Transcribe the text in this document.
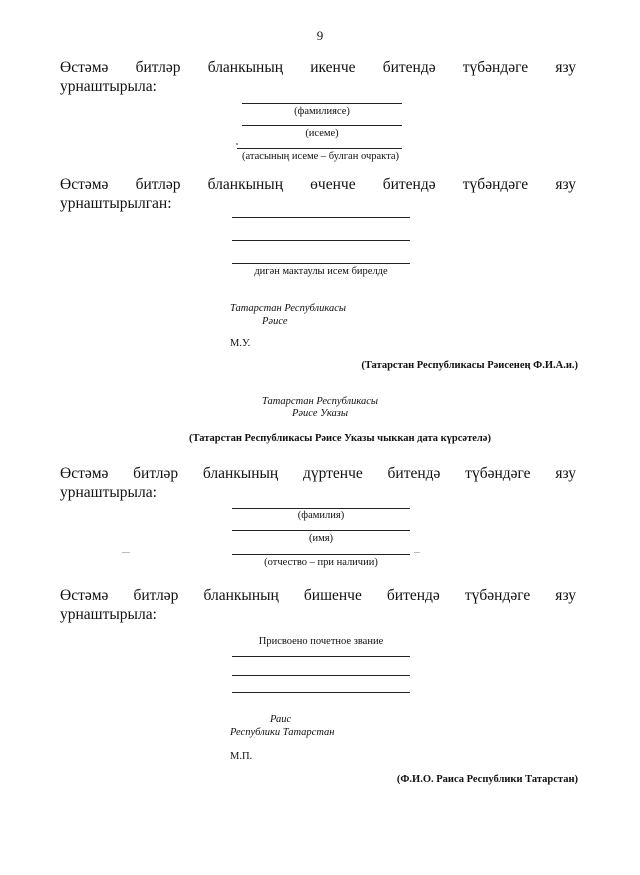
9
Өстәмә битләр бланкының икенче битендә түбәндәге язу
урнаштырыла:
(фамилиясе)
(исеме)
(атасының исеме – булган очракта)
Өстәмә битләр бланкының өченче битендә түбәндәге язу
урнаштырылган:
дигән мактаулы исем бирелде
Татарстан Республикасы
Рәисе
М.У.
(Татарстан Республикасы Рәисенең Ф.И.А.и.)
Татарстан Республикасы
Рәисе Указы
(Татарстан Республикасы Рәисе Указы чыккан дата күрсәтелә)
Өстәмә битләр бланкының дүртенче битендә түбәндәге язу
урнаштырыла:
(фамилия)
(имя)
(отчество – при наличии)
Өстәмә битләр бланкының бишенче битендә түбәндәге язу
урнаштырыла:
Присвоено почетное звание
Раис
Республики Татарстан
М.П.
(Ф.И.О. Раиса Республики Татарстан)
